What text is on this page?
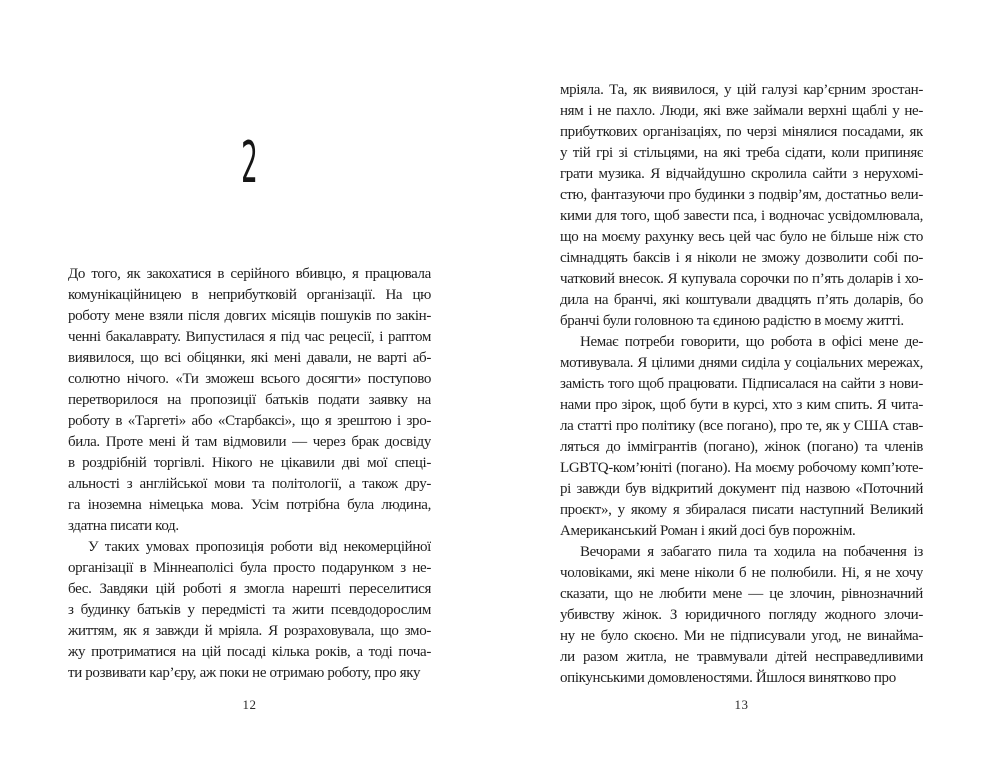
2
До того, як закохатися в серійного вбивцю, я працювала
комунікаційницею в неприбутковій організації. На цю
роботу мене взяли після довгих місяців пошуків по закін-
ченні бакалаврату. Випустилася я під час рецесії, і раптом
виявилося, що всі обіцянки, які мені давали, не варті аб-
солютно нічого. «Ти зможеш всього досягти» поступово
перетворилося на пропозиції батьків подати заявку на
роботу в «Таргеті» або «Старбаксі», що я зрештою і зро-
била. Проте мені й там відмовили — через брак досвіду
в роздрібній торгівлі. Нікого не цікавили дві мої спеці-
альності з англійської мови та політології, а також дру-
га іноземна німецька мова. Усім потрібна була людина,
здатна писати код.
У таких умовах пропозиція роботи від некомерційної
організації в Міннеаполісі була просто подарунком з не-
бес. Завдяки цій роботі я змогла нарешті переселитися
з будинку батьків у передмісті та жити псевдодорослим
життям, як я завжди й мріяла. Я розраховувала, що змо-
жу протриматися на цій посаді кілька років, а тоді поча-
ти розвивати кар’єру, аж поки не отримаю роботу, про яку
12
мріяла. Та, як виявилося, у цій галузі кар’єрним зростан-
ням і не пахло. Люди, які вже займали верхні щаблі у не-
прибуткових організаціях, по черзі мінялися посадами, як
у тій грі зі стільцями, на які треба сідати, коли припиняє
грати музика. Я відчайдушно скролила сайти з нерухомі-
стю, фантазуючи про будинки з подвір’ям, достатньо вели-
кими для того, щоб завести пса, і водночас усвідомлювала,
що на моєму рахунку весь цей час було не більше ніж сто
сімнадцять баксів і я ніколи не зможу дозволити собі по-
чатковий внесок. Я купувала сорочки по п’ять доларів і хо-
дила на бранчі, які коштували двадцять п’ять доларів, бо
бранчі були головною та єдиною радістю в моєму житті.
Немає потреби говорити, що робота в офісі мене де-
мотивувала. Я цілими днями сиділа у соціальних мережах,
замість того щоб працювати. Підписалася на сайти з нови-
нами про зірок, щоб бути в курсі, хто з ким спить. Я чита-
ла статті про політику (все погано), про те, як у США став-
ляться до іммігрантів (погано), жінок (погано) та членів
LGBTQ-ком’юніті (погано). На моєму робочому комп’юте-
рі завжди був відкритий документ під назвою «Поточний
проєкт», у якому я збиралася писати наступний Великий
Американський Роман і який досі був порожнім.
Вечорами я забагато пила та ходила на побачення із
чоловіками, які мене ніколи б не полюбили. Ні, я не хочу
сказати, що не любити мене — це злочин, рівнозначний
убивству жінок. З юридичного погляду жодного злочи-
ну не було скоєно. Ми не підписували угод, не винайма-
ли разом житла, не травмували дітей несправедливими
опікунськими домовленостями. Йшлося винятково про
13
